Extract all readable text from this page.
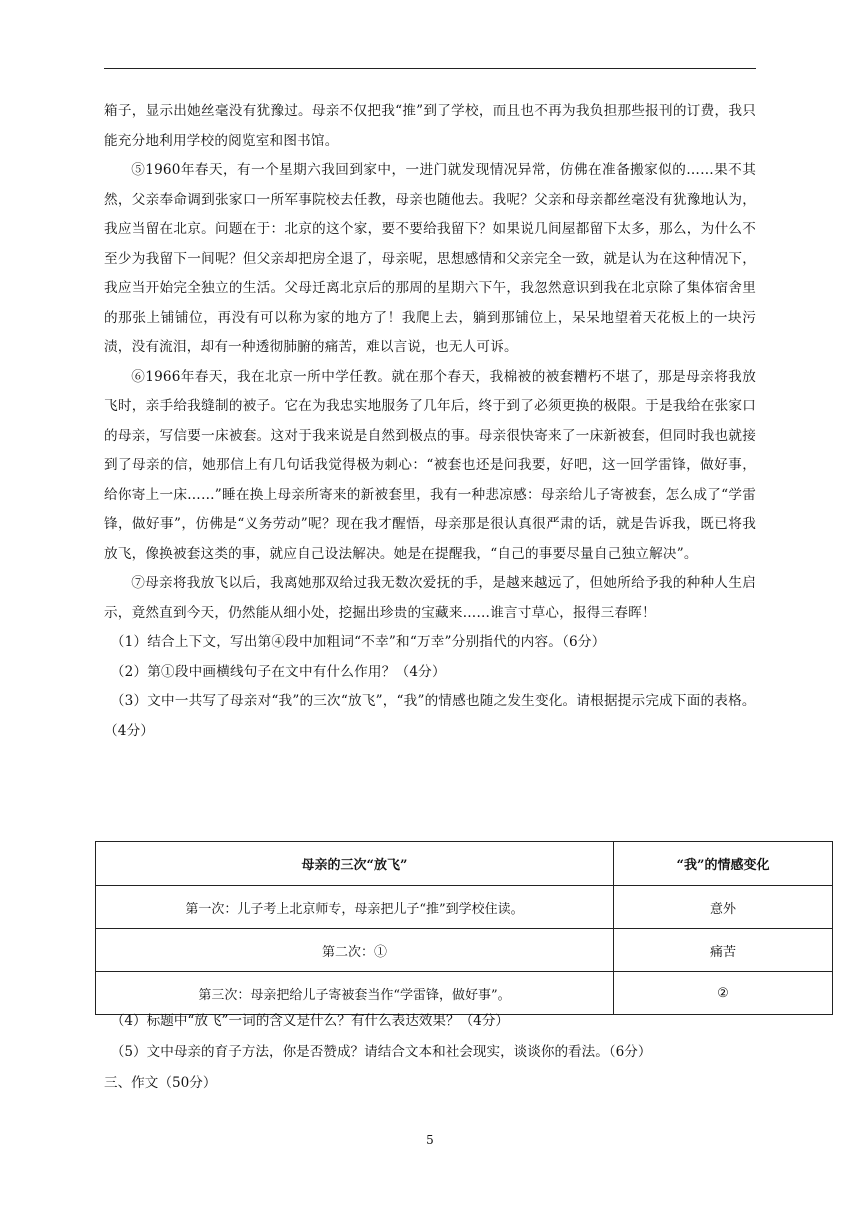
箱子，显示出她丝毫没有犹豫过。母亲不仅把我“推”到了学校，而且也不再为我负担那些报刊的订费，我只能充分地利用学校的阅览室和图书馆。

⑤1960年春天，有一个星期六我回到家中，一进门就发现情况异常，仿佛在准备搬家似的……果不其然，父亲奉命调到张家口一所军事院校去任教，母亲也随他去。我呢？父亲和母亲都丝毫没有犹豫地认为，我应当留在北京。问题在于：北京的这个家，要不要给我留下？如果说几间屋都留下太多，那么，为什么不至少为我留下一间呢？但父亲却把房全退了，母亲呢，思想感情和父亲完全一致，就是认为在这种情况下，我应当开始完全独立的生活。父母迁离北京后的那周的星期六下午，我忽然意识到我在北京除了集体宿舍里的那张上铺铺位，再没有可以称为家的地方了！我爬上去，躺到那铺位上，呆呆地望着天花板上的一块污渍，没有流泪，却有一种透彻肺腑的痛苦，难以言说，也无人可诉。

⑥1966年春天，我在北京一所中学任教。就在那个春天，我棉被的被套糟朽不堪了，那是母亲将我放飞时，亲手给我缝制的被子。它在为我忠实地服务了几年后，终于到了必须更换的极限。于是我给在张家口的母亲，写信要一床被套。这对于我来说是自然到极点的事。母亲很快寄来了一床新被套，但同时我也就接到了母亲的信，她那信上有几句话我觉得极为刺心：“被套也还是问我要，好吧，这一回学雷锋，做好事，给你寄上一床……”睡在换上母亲所寄来的新被套里，我有一种悲凉感：母亲给儿子寄被套，怎么成了“学雷锋，做好事”，仿佛是“义务劳动”呢？现在我才醒悟，母亲那是很认真很严肃的话，就是告诉我，既已将我放飞，像换被套这类的事，就应自己设法解决。她是在提醒我，“自己的事要尽量自己独立解决”。

⑦母亲将我放飞以后，我离她那双给过我无数次爱抚的手，是越来越远了，但她所给予我的种种人生启示，竟然直到今天，仍然能从细小处，挖掘出珍贵的宝藏来……谁言寸草心，报得三春晖！

（1）结合上下文，写出第④段中加粗词“不幸”和“万幸”分别指代的内容。（6分）

（2）第①段中画横线句子在文中有什么作用？（4分）

（3）文中一共写了母亲对“我”的三次“放飞”，“我”的情感也随之发生变化。请根据提示完成下面的表格。（4分）

母亲的三次“放飞”	“我”的情感变化
第一次：儿子考上北京师专，母亲把儿子“推”到学校住读。	意外
第二次：①	痛苦
第三次：母亲把给儿子寄被套当作“学雷锋，做好事”。	②

（4）标题中“放飞”一词的含义是什么？有什么表达效果？（4分）

（5）文中母亲的育子方法，你是否赞成？请结合文本和社会现实，谈谈你的看法。（6分）

三、作文（50分）

5
